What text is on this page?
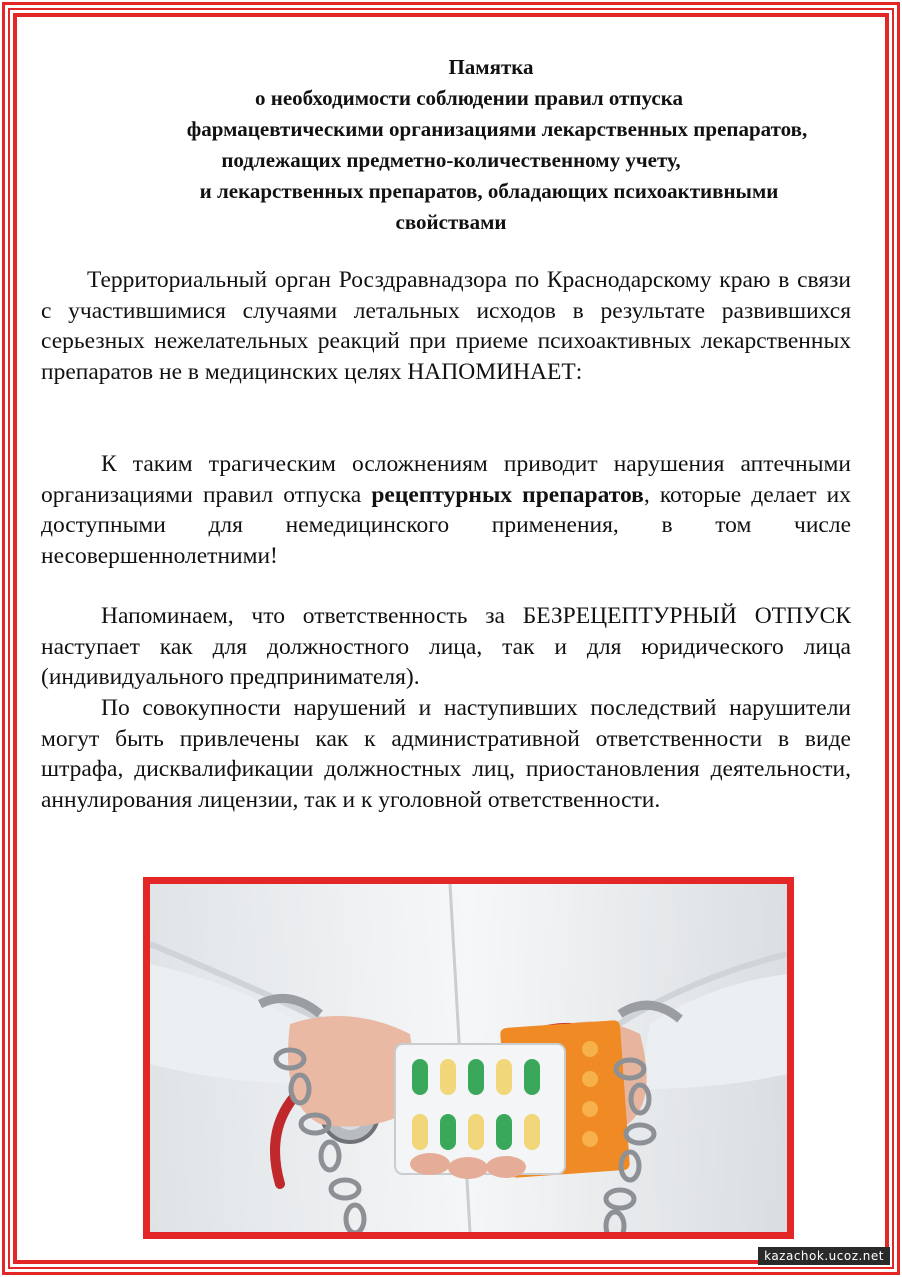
Памятка
о необходимости соблюдении правил отпуска
фармацевтическими организациями лекарственных препаратов,
подлежащих предметно-количественному учету,
и лекарственных препаратов, обладающих психоактивными
свойствами

Территориальный орган Росздравнадзора по Краснодарскому краю в связи с участившимися случаями летальных исходов в результате развившихся серьезных нежелательных реакций при приеме психоактивных лекарственных препаратов не в медицинских целях НАПОМИНАЕТ:

К таким трагическим осложнениям приводит нарушения аптечными организациями правил отпуска рецептурных препаратов, которые делает их доступными для немедицинского применения, в том числе несовершеннолетними!

Напоминаем, что ответственность за БЕЗРЕЦЕПТУРНЫЙ ОТПУСК наступает как для должностного лица, так и для юридического лица (индивидуального предпринимателя).

По совокупности нарушений и наступивших последствий нарушители могут быть привлечены как к административной ответственности в виде штрафа, дисквалификации должностных лиц, приостановления деятельности, аннулирования лицензии, так и к уголовной ответственности.

kazachok.ucoz.net
